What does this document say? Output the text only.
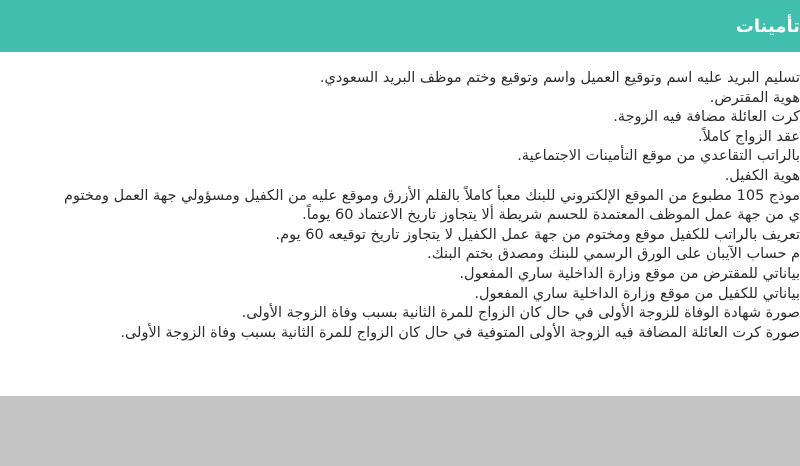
تأمينات
تسليم البريد عليه اسم وتوقيع العميل واسم وتوقيع وختم موظف البريد السعودي.
هوية المقترض.
كرت العائلة مضافة فيه الزوجة.
عقد الزواج كاملاً.
بالراتب التقاعدي من موقع التأمينات الاجتماعية.
هوية الكفيل.
موذج 105 مطبوع من الموقع الإلكتروني للبنك معبأ كاملاً بالقلم الأزرق وموقع عليه من الكفيل ومسؤولي جهة العمل ومختوم
ي من جهة عمل الموظف المعتمدة للحسم شريطة ألا يتجاوز تاريخ الاعتماد 60 يوماً.
تعريف بالراتب للكفيل موقع ومختوم من جهة عمل الكفيل لا يتجاوز تاريخ توقيعه 60 يوم.
م حساب الآيبان على الورق الرسمي للبنك ومصدق بختم البنك.
بياناتي للمقترض من موقع وزارة الداخلية ساري المفعول.
بياناتي للكفيل من موقع وزارة الداخلية ساري المفعول.
صورة شهادة الوفاة للزوجة الأولى في حال كان الزواج للمرة الثانية بسبب وفاة الزوجة الأولى.
صورة كرت العائلة المضافة فيه الزوجة الأولى المتوفية في حال كان الزواج للمرة الثانية بسبب وفاة الزوجة الأولى.
